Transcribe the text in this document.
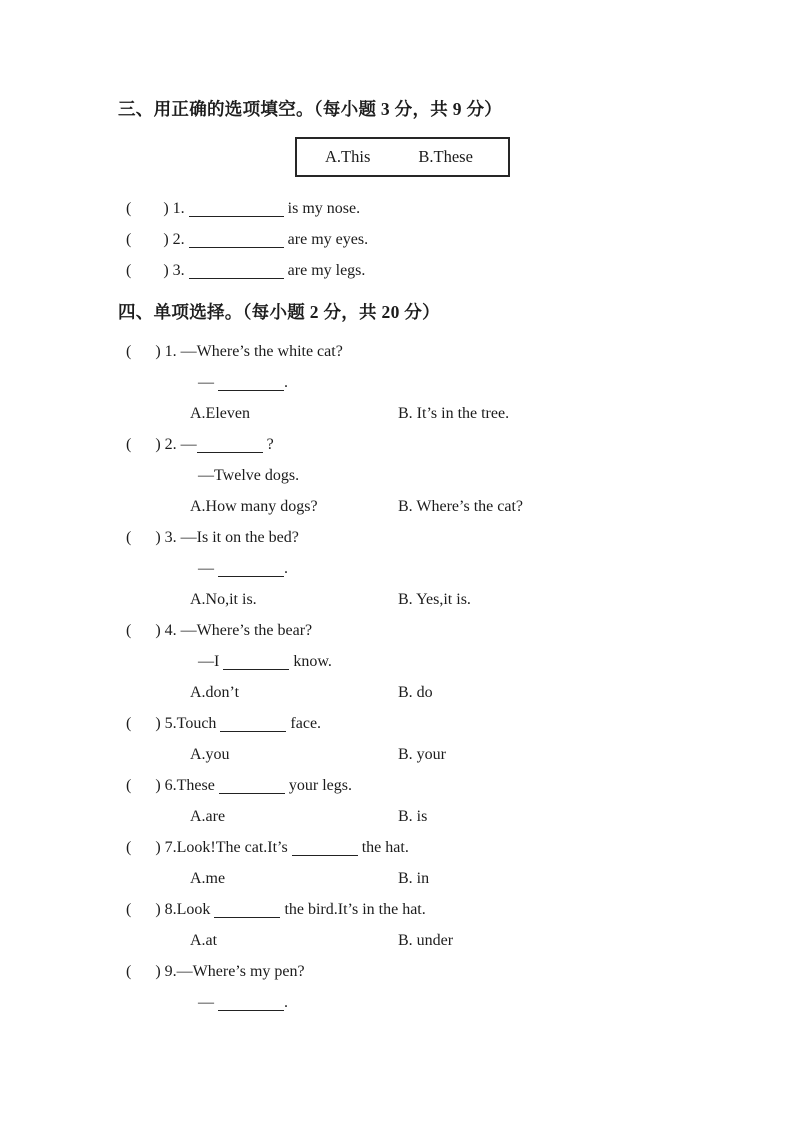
三、用正确的选项填空。（每小题 3 分，共 9 分）
A.This	B.These
(        ) 1.	is my nose.
(        ) 2.	are my eyes.
(        ) 3.	are my legs.
四、单项选择。（每小题 2 分，共 20 分）
(      ) 1. —Where’s the white cat?
—	.
A.Eleven	B. It’s in the tree.
(      ) 2. —	?
—Twelve dogs.
A.How many dogs?	B. Where’s the cat?
(      ) 3. —Is it on the bed?
—	.
A.No,it is.	B. Yes,it is.
(      ) 4. —Where’s the bear?
—I	know.
A.don’t	B. do
(      ) 5.Touch	face.
A.you	B. your
(      ) 6.These	your legs.
A.are	B. is
(      ) 7.Look!The cat.It’s	the hat.
A.me	B. in
(      ) 8.Look	the bird.It’s in the hat.
A.at	B. under
(      ) 9.—Where’s my pen?
—	.
